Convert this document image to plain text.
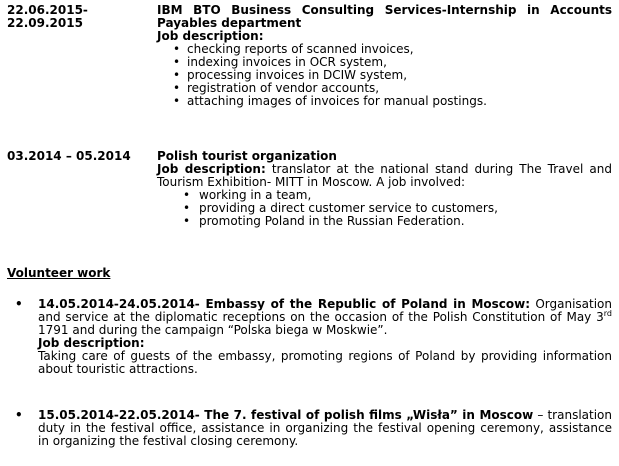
22.06.2015-
22.09.2015
IBM BTO Business Consulting Services-Internship in Accounts Payables department
Job description:
• checking reports of scanned invoices,
• indexing invoices in OCR system,
• processing invoices in DCIW system,
• registration of vendor accounts,
• attaching images of invoices for manual postings.
03.2014 – 05.2014	Polish tourist organization
Job description: translator at the national stand during The Travel and Tourism Exhibition- MITT in Moscow. A job involved:
• working in a team,
• providing a direct customer service to customers,
• promoting Poland in the Russian Federation.
Volunteer work
• 14.05.2014-24.05.2014- Embassy of the Republic of Poland in Moscow: Organisation and service at the diplomatic receptions on the occasion of the Polish Constitution of May 3rd 1791 and during the campaign “Polska biega w Moskwie”.
Job description:
Taking care of guests of the embassy, promoting regions of Poland by providing information about touristic attractions.
• 15.05.2014-22.05.2014- The 7. festival of polish films „Wisła” in Moscow – translation duty in the festival office, assistance in organizing the festival opening ceremony, assistance in organizing the festival closing ceremony.
